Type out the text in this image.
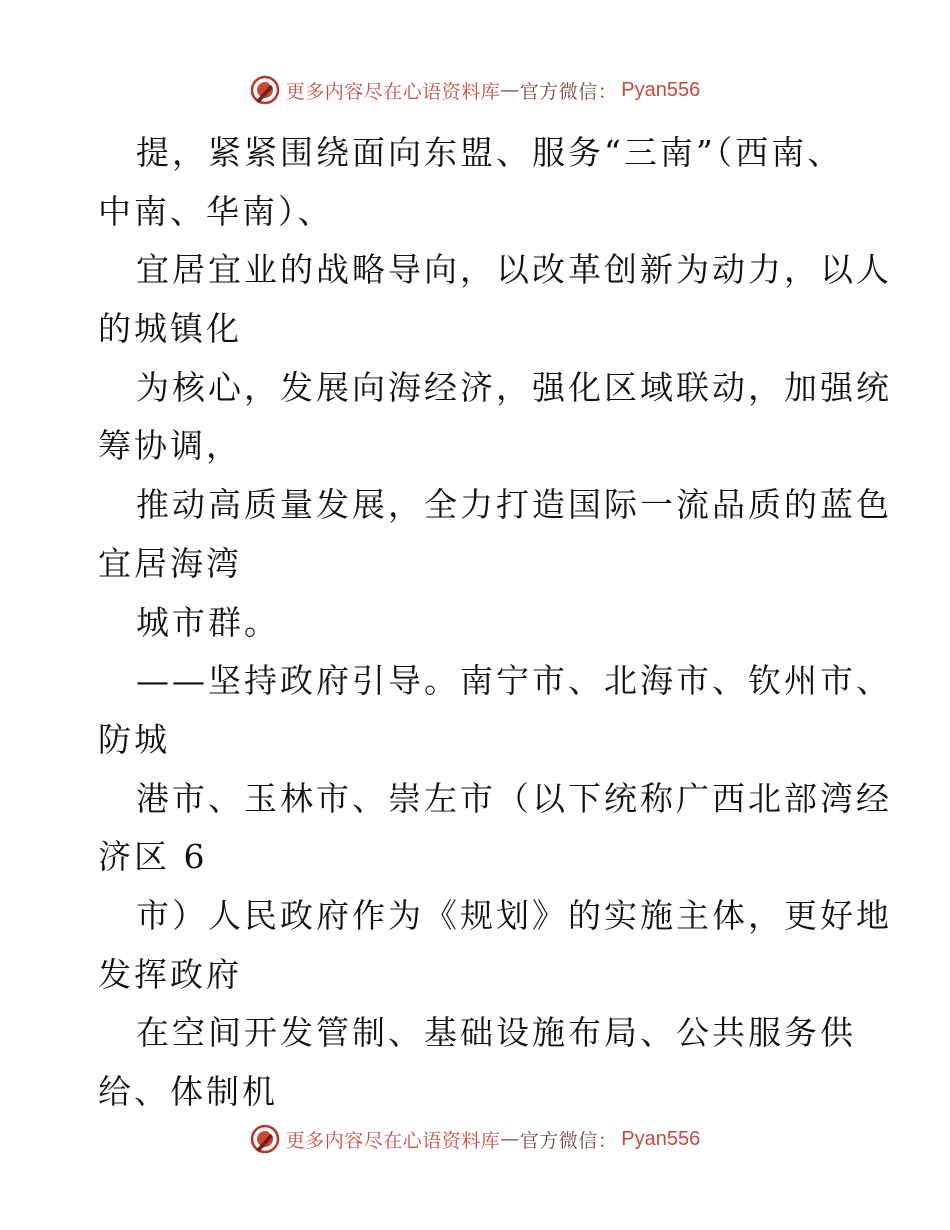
更多内容尽在心语资料库 — 官方微信： Pyan556
提，紧紧围绕面向东盟、服务“三南”（西南、
中南、华南）、
宜居宜业的战略导向，以改革创新为动力，以人
的城镇化
为核心，发展向海经济，强化区域联动，加强统
筹协调，
推动高质量发展，全力打造国际一流品质的蓝色
宜居海湾
城市群。
——坚持政府引导。南宁市、北海市、钦州市、
防城
港市、玉林市、崇左市（以下统称广西北部湾经
济区 6
市）人民政府作为《规划》的实施主体，更好地
发挥政府
在空间开发管制、基础设施布局、公共服务供
给、体制机
更多内容尽在心语资料库 — 官方微信： Pyan556
